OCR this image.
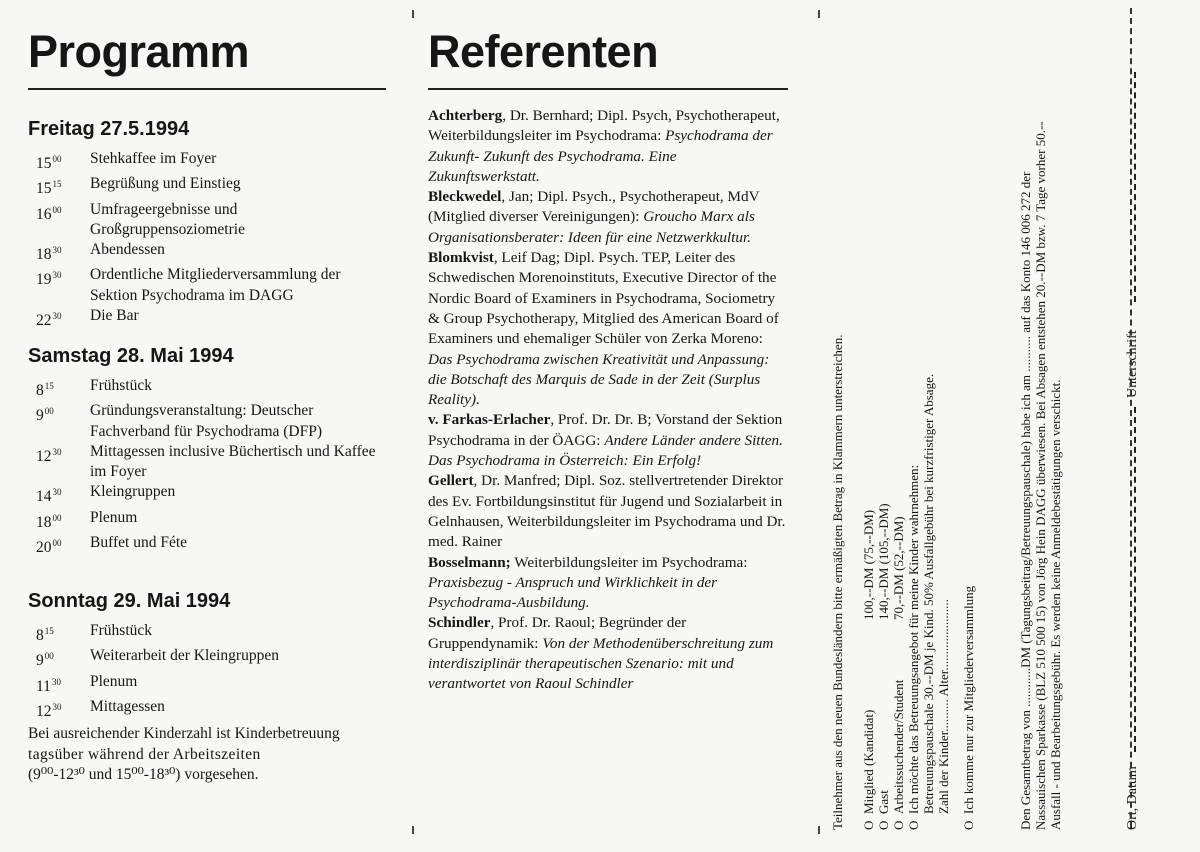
Programm
Freitag 27.5.1994
$15^{00}$	Stehkaffee im Foyer
$15^{15}$	Begrüßung und Einstieg
$16^{00}$	Umfrageergebnisse und Großgruppensoziometrie
$18^{30}$	Abendessen
$19^{30}$	Ordentliche Mitgliederversammlung der Sektion Psychodrama im DAGG
$22^{30}$	Die Bar
Samstag 28. Mai 1994
$8^{15}$	Frühstück
$9^{00}$	Gründungsveranstaltung: Deutscher Fachverband für Psychodrama (DFP)
$12^{30}$	Mittagessen inclusive Büchertisch und Kaffee im Foyer
$14^{30}$	Kleingruppen
$18^{00}$	Plenum
$20^{00}$	Buffet und Féte
Sonntag 29. Mai 1994
$8^{15}$	Frühstück
$9^{00}$	Weiterarbeit der Kleingruppen
$11^{30}$	Plenum
$12^{30}$	Mittagessen
Bei ausreichender Kinderzahl ist Kinderbetreuung
tagsüber während der Arbeitszeiten
(9⁰⁰-12³⁰ und 15⁰⁰-18³⁰) vorgesehen.
Referenten

Achterberg, Dr. Bernhard; Dipl. Psych, Psychotherapeut, Weiterbildungsleiter im Psychodrama: Psychodrama der Zukunft- Zukunft des Psychodrama. Eine Zukunftswerkstatt.

Bleckwedel, Jan; Dipl. Psych., Psychotherapeut, MdV (Mitglied diverser Vereinigungen): Groucho Marx als Organisationsberater: Ideen für eine Netzwerkkultur.

Blomkvist, Leif Dag; Dipl. Psych. TEP, Leiter des Schwedischen Morenoinstituts, Executive Director of the Nordic Board of Examiners in Psychodrama, Sociometry & Group Psychotherapy, Mitglied des American Board of Examiners und ehemaliger Schüler von Zerka Moreno: Das Psychodrama zwischen Kreativität und Anpassung: die Botschaft des Marquis de Sade in der Zeit (Surplus Reality).

v. Farkas-Erlacher, Prof. Dr. Dr. B; Vorstand der Sektion Psychodrama in der ÖAGG: Andere Länder andere Sitten. Das Psychodrama in Österreich: Ein Erfolg!

Gellert, Dr. Manfred; Dipl. Soz. stellvertretender Direktor des Ev. Fortbildungsinstitut für Jugend und Sozialarbeit in Gelnhausen, Weiterbildungsleiter im Psychodrama und Dr. med. Rainer

Bosselmann; Weiterbildungsleiter im Psychodrama: Praxisbezug - Anspruch und Wirklichkeit in der Psychodrama-Ausbildung.

Schindler, Prof. Dr. Raoul; Begründer der Gruppendynamik: Von der Methodenüberschreitung zum interdisziplinär therapeutischen Szenario: mit und verantwortet von Raoul Schindler	Teilnehmer aus den neuen Bundesländern bitte ermäßigten Betrag in Klammern unterstreichen. OMitglied (Kandidat)
100,--DM (75,--DM)
OGast
140,--DM (105,--DM)
OArbeitssuchender/Student
70,--DM (52,--DM)
OIch möchte das Betreuungsangebot für meine Kinder wahrnehmen: Betreuungspauschale 30.--DM je Kind. 50% Ausfallgebühr bei kurzfristiger Absage. Zahl der Kinder.......... Alter......................
OIch komme nur zur Mitgliederversammlung	Den Gesamtbetrag von ............DM (Tagungsbeitrag/Betreuungspauschale) habe ich am ........... auf das Konto 146 006 272 der Nassauischen Sparkasse (BLZ 510 500 15) von Jörg Hein DAGG überwiesen. Bei Absagen entstehen 20.--DM bzw. 7 Tage vorher 50.-- Ausfall - und Bearbeitungsgebühr. Es werden keine Anmeldebestätigungen verschickt.	Ort, Datum
Unterschrift
